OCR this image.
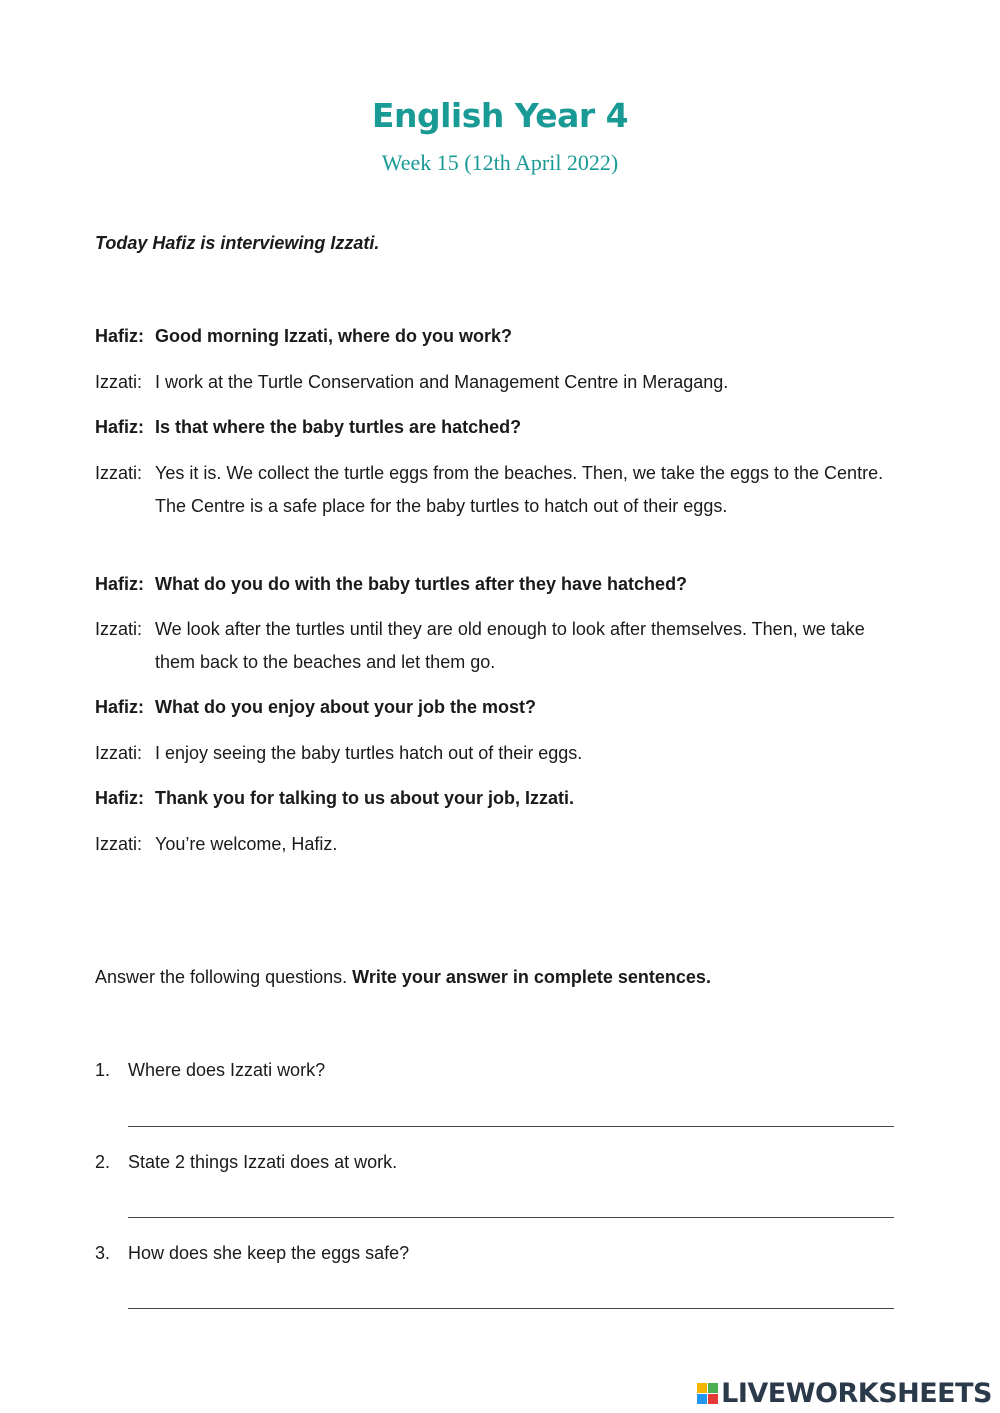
English Year 4
Week 15 (12th April 2022)
Today Hafiz is interviewing Izzati.
Hafiz: Good morning Izzati, where do you work?
Izzati: I work at the Turtle Conservation and Management Centre in Meragang.
Hafiz: Is that where the baby turtles are hatched?
Izzati: Yes it is. We collect the turtle eggs from the beaches. Then, we take the eggs to the Centre. The Centre is a safe place for the baby turtles to hatch out of their eggs.
Hafiz: What do you do with the baby turtles after they have hatched?
Izzati: We look after the turtles until they are old enough to look after themselves. Then, we take them back to the beaches and let them go.
Hafiz: What do you enjoy about your job the most?
Izzati: I enjoy seeing the baby turtles hatch out of their eggs.
Hafiz: Thank you for talking to us about your job, Izzati.
Izzati: You’re welcome, Hafiz.
Answer the following questions. Write your answer in complete sentences.
1. Where does Izzati work?
2. State 2 things Izzati does at work.
3. How does she keep the eggs safe?
LIVEWORKSHEETS
